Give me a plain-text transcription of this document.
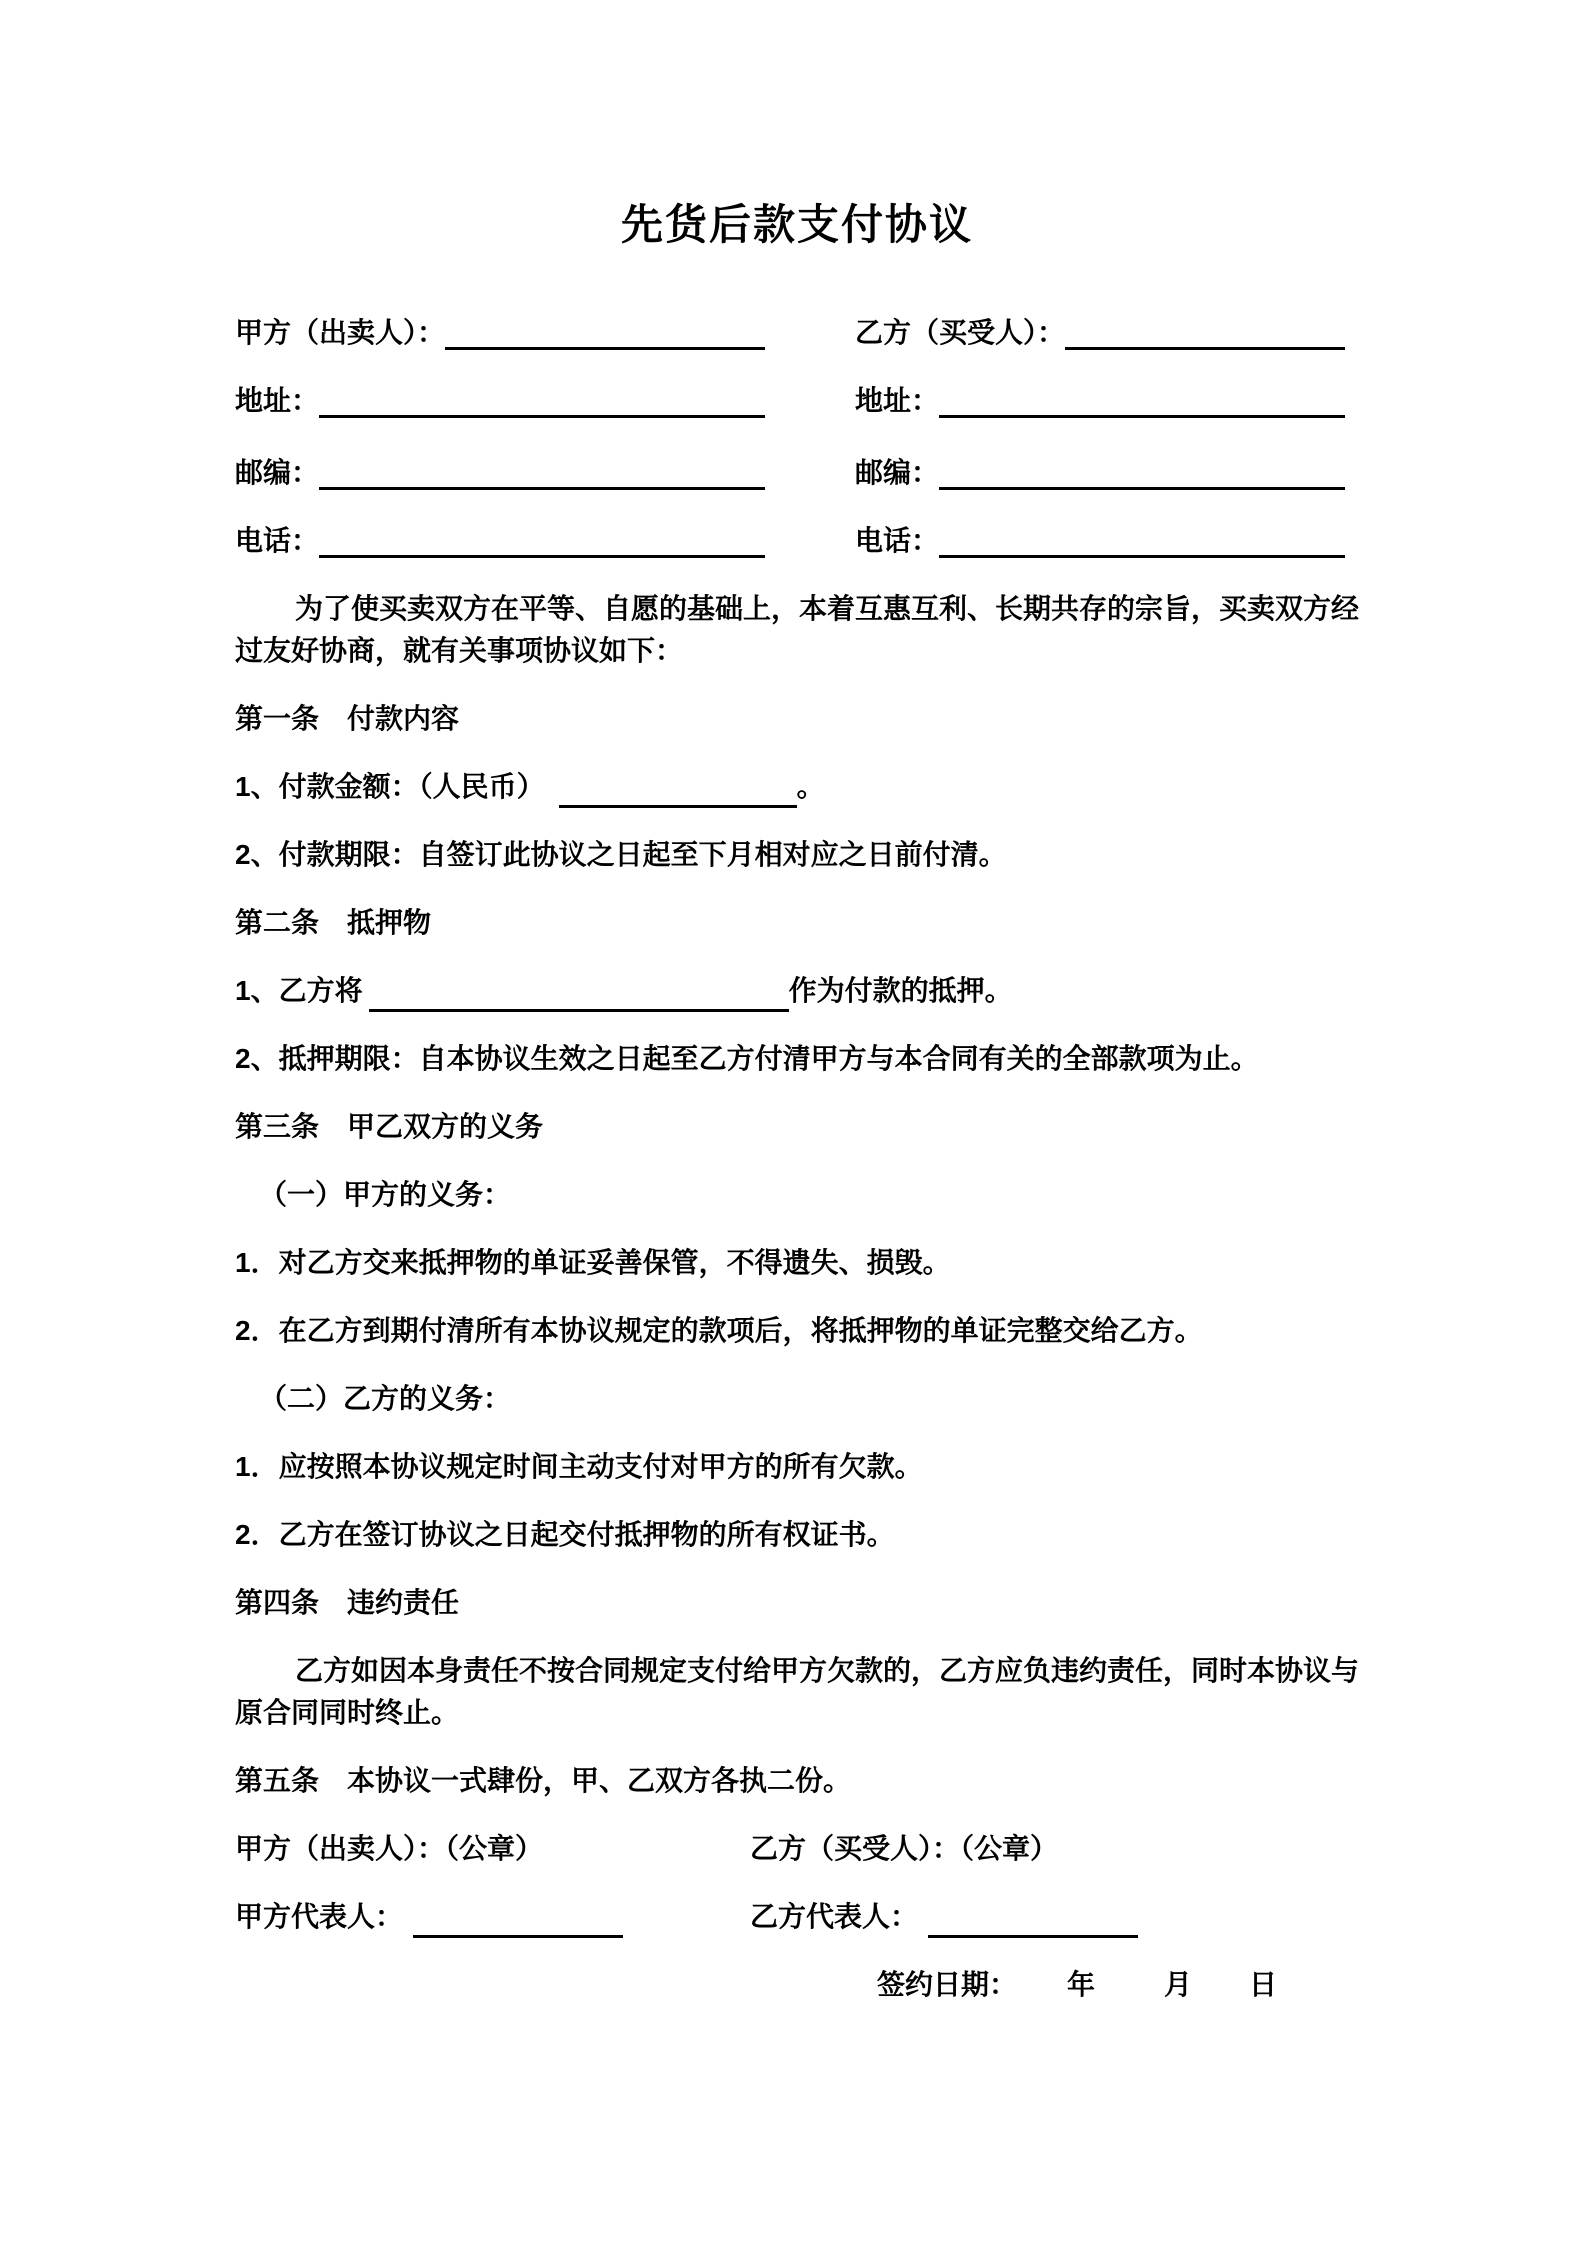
先货后款支付协议
甲方（出卖人）：	乙方（买受人）：
地址：	地址：
邮编：	邮编：
电话：	电话：

为了使买卖双方在平等、自愿的基础上，本着互惠互利、长期共存的宗旨，买卖双方经过友好协商，就有关事项协议如下：

第一条　付款内容

1、付款金额：（人民币）	。

2、付款期限：自签订此协议之日起至下月相对应之日前付清。

第二条　抵押物

1、乙方将	作为付款的抵押。

2、抵押期限：自本协议生效之日起至乙方付清甲方与本合同有关的全部款项为止。

第三条　甲乙双方的义务

（一）甲方的义务：

1．对乙方交来抵押物的单证妥善保管，不得遗失、损毁。

2．在乙方到期付清所有本协议规定的款项后，将抵押物的单证完整交给乙方。

（二）乙方的义务：

1．应按照本协议规定时间主动支付对甲方的所有欠款。

2．乙方在签订协议之日起交付抵押物的所有权证书。

第四条　违约责任

乙方如因本身责任不按合同规定支付给甲方欠款的，乙方应负违约责任，同时本协议与原合同同时终止。

第五条　本协议一式肆份，甲、乙双方各执二份。

甲方（出卖人）：（公章）	乙方（买受人）：（公章）

甲方代表人：	乙方代表人：

签约日期： 年 月 日
